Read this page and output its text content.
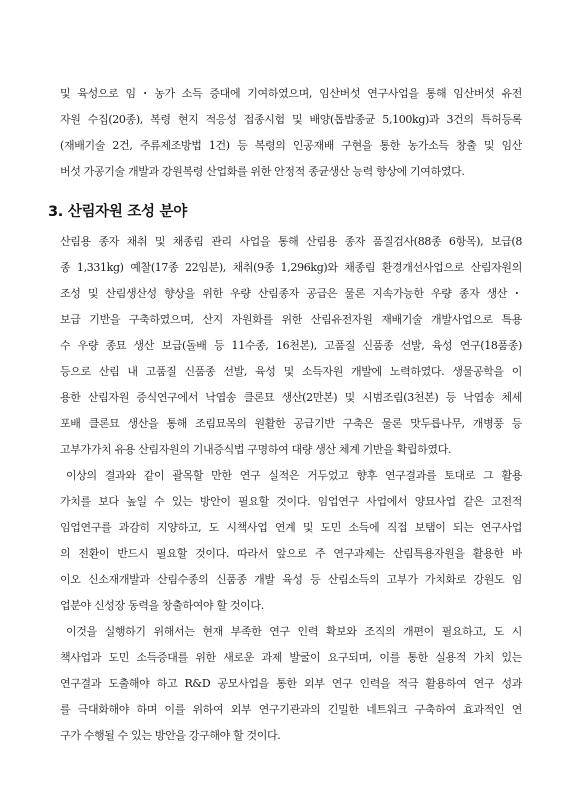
및 육성으로 임・농가 소득 증대에 기여하였으며, 임산버섯 연구사업을 통해 임산버섯 유전
자원 수집(20종), 복령 현지 적응성 접종시험 및 배양(톱밥종균 5,100kg)과 3건의 특허등록
(재배기술 2건, 주류제조방법 1건) 등 복령의 인공재배 구현을 통한 농가소득 창출 및 임산
버섯 가공기술 개발과 강원복령 산업화를 위한 안정적 종균생산 능력 향상에 기여하였다.
3. 산림자원 조성 분야
산림용 종자 채취 및 채종림 관리 사업을 통해 산림용 종자 품질검사(88종 6항목), 보급(8
종 1,331kg) 예찰(17종 22임분), 채취(9종 1,296kg)와 채종림 환경개선사업으로 산림자원의
조성 및 산림생산성 향상을 위한 우량 산림종자 공급은 물론 지속가능한 우량 종자 생산・
보급 기반을 구축하였으며, 산지 자원화를 위한 산림유전자원 재배기술 개발사업으로 특용
수 우량 종묘 생산 보급(돌배 등 11수종, 16천본), 고품질 신품종 선발, 육성 연구(18품종)
등으로 산림 내 고품질 신품종 선발, 육성 및 소득자원 개발에 노력하였다. 생물공학을 이
용한 산림자원 증식연구에서 낙엽송 클론묘 생산(2만본) 및 시범조림(3천본) 등 낙엽송 체세
포배 클론묘 생산을 통해 조림묘목의 원활한 공급기반 구축은 물론 맛두릅나무, 개병풍 등
고부가가치 유용 산림자원의 기내증식법 구명하여 대량 생산 체계 기반을 확립하였다.
이상의 결과와 같이 괄목할 만한 연구 실적은 거두었고 향후 연구결과를 토대로 그 활용
가치를 보다 높일 수 있는 방안이 필요할 것이다. 임업연구 사업에서 양묘사업 같은 고전적
임업연구를 과감히 지양하고, 도 시책사업 연계 및 도민 소득에 직접 보탬이 되는 연구사업
의 전환이 반드시 필요할 것이다. 따라서 앞으로 주 연구과제는 산림특용자원을 활용한 바
이오 신소재개발과 산림수종의 신품종 개발 육성 등 산림소득의 고부가 가치화로 강원도 임
업분야 신성장 동력을 창출하여야 할 것이다.
이것을 실행하기 위해서는 현재 부족한 연구 인력 확보와 조직의 개편이 필요하고, 도 시
책사업과 도민 소득증대를 위한 새로운 과제 발굴이 요구되며, 이를 통한 실용적 가치 있는
연구결과 도출해야 하고 R&D 공모사업을 통한 외부 연구 인력을 적극 활용하여 연구 성과
를 극대화해야 하며 이를 위하여 외부 연구기관과의 긴밀한 네트워크 구축하여 효과적인 연
구가 수행될 수 있는 방안을 강구해야 할 것이다.
